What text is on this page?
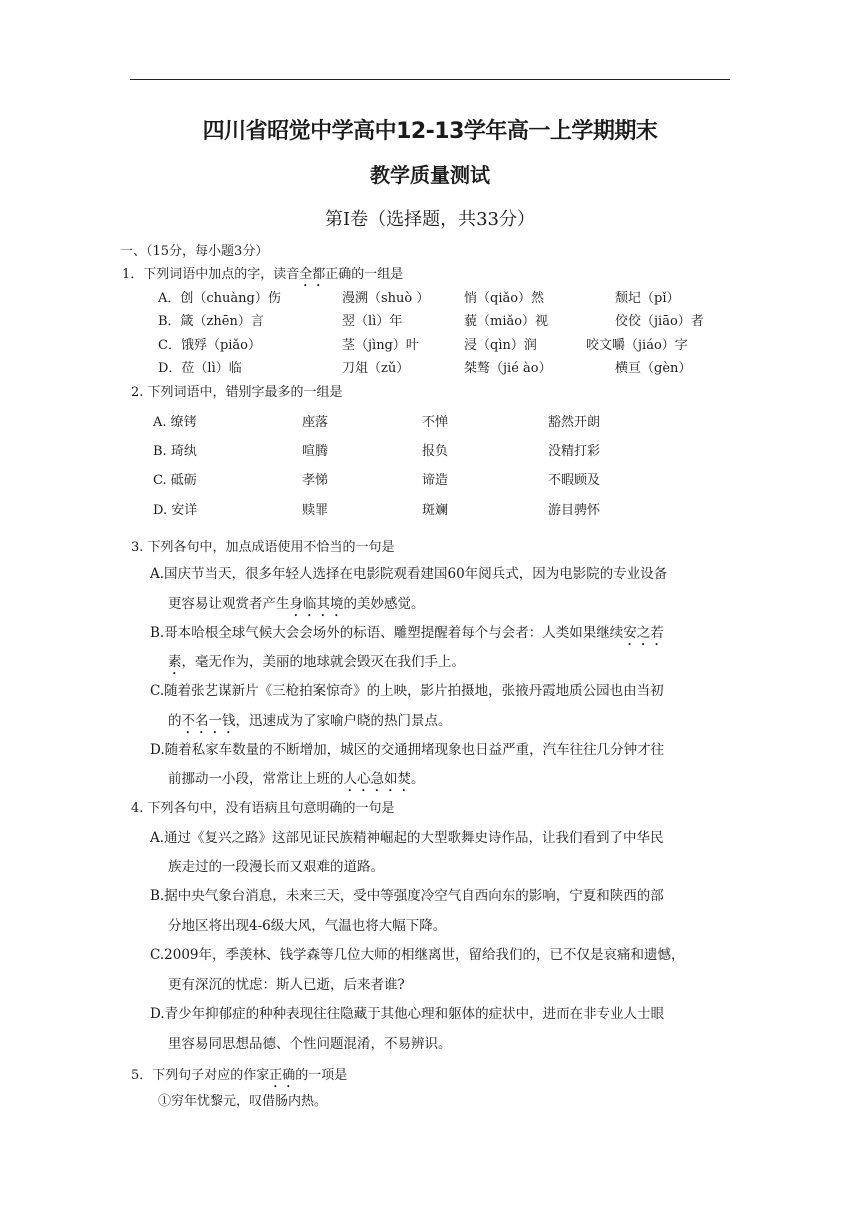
四川省昭觉中学高中12-13学年高一上学期期末
教学质量测试
第Ⅰ卷（选择题，共33分）
一、（15分，每小题3分）
1．下列词语中加点的字，读音全都正确的一组是
A．创（chuàng）伤	漫溯（shuò ）	悄（qiǎo）然	颓圮（pǐ）
B．箴（zhēn）言	翌（lì）年	藐（miǎo）视	佼佼（jiāo）者
C．饿殍（piǎo）	茎（jìng）叶	浸（qìn）润	咬文嚼（jiáo）字
D．莅（lì）临	刀俎（zǔ）	桀骜（jié ào）	横亘（gèn）
2. 下列词语中，错别字最多的一组是
A. 缭铐	座落	不惮	豁然开朗
B. 琦纨	喧腾	报负	没精打彩
C. 砥砺	孝悌	谛造	不暇顾及
D. 安详	赎罪	斑斓	游目骋怀
3. 下列各句中，加点成语使用不恰当的一句是
A.国庆节当天，很多年轻人选择在电影院观看建国60年阅兵式，因为电影院的专业设备
更容易让观赏者产生身临其境的美妙感觉。
B.哥本哈根全球气候大会会场外的标语、雕塑提醒着每个与会者：人类如果继续安之若
素，毫无作为，美丽的地球就会毁灭在我们手上。
C.随着张艺谋新片《三枪拍案惊奇》的上映，影片拍摄地，张掖丹霞地质公园也由当初
的不名一钱，迅速成为了家喻户晓的热门景点。
D.随着私家车数量的不断增加，城区的交通拥堵现象也日益严重，汽车往往几分钟才往
前挪动一小段，常常让上班的人心急如焚。
4. 下列各句中，没有语病且句意明确的一句是
A.通过《复兴之路》这部见证民族精神崛起的大型歌舞史诗作品，让我们看到了中华民
族走过的一段漫长而又艰难的道路。
B.据中央气象台消息，未来三天，受中等强度冷空气自西向东的影响，宁夏和陕西的部
分地区将出现4-6级大风，气温也将大幅下降。
C.2009年，季羡林、钱学森等几位大师的相继离世，留给我们的，已不仅是哀痛和遗憾，
更有深沉的忧虑：斯人已逝，后来者谁?
D.青少年抑郁症的种种表现往往隐藏于其他心理和躯体的症状中，进而在非专业人士眼
里容易同思想品德、个性问题混淆，不易辨识。
5．下列句子对应的作家正确的一项是
①穷年忧黎元，叹借肠内热。
